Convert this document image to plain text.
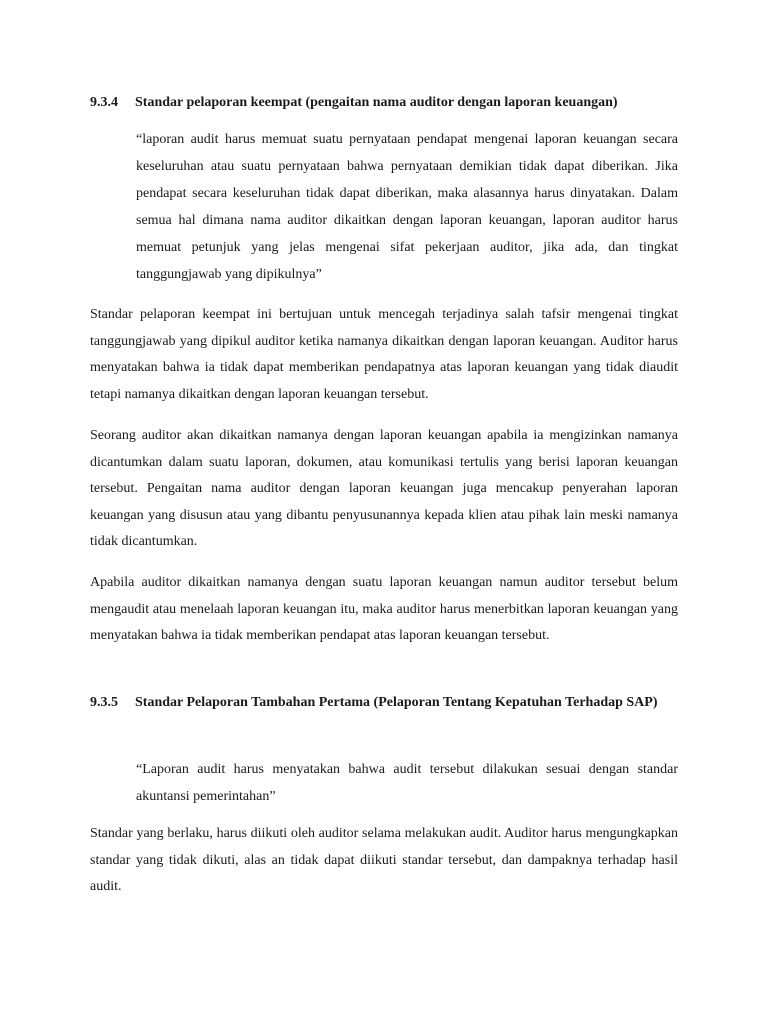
9.3.4	Standar pelaporan keempat (pengaitan nama auditor dengan laporan keuangan)
“laporan audit harus memuat suatu pernyataan pendapat mengenai laporan keuangan secara keseluruhan atau suatu pernyataan bahwa pernyataan demikian tidak dapat diberikan. Jika pendapat secara keseluruhan tidak dapat diberikan, maka alasannya harus dinyatakan. Dalam semua hal dimana nama auditor dikaitkan dengan laporan keuangan, laporan auditor harus memuat petunjuk yang jelas mengenai sifat pekerjaan auditor, jika ada, dan tingkat tanggungjawab yang dipikulnya”
Standar pelaporan keempat ini bertujuan untuk mencegah terjadinya salah tafsir mengenai tingkat tanggungjawab yang dipikul auditor ketika namanya dikaitkan dengan laporan keuangan. Auditor harus menyatakan bahwa ia tidak dapat memberikan pendapatnya atas laporan keuangan yang tidak diaudit tetapi namanya dikaitkan dengan laporan keuangan tersebut.
Seorang auditor akan dikaitkan namanya dengan laporan keuangan apabila ia mengizinkan namanya dicantumkan dalam suatu laporan, dokumen, atau komunikasi tertulis yang berisi laporan keuangan tersebut. Pengaitan nama auditor dengan laporan keuangan juga mencakup penyerahan laporan keuangan yang disusun atau yang dibantu penyusunannya kepada klien atau pihak lain meski namanya tidak dicantumkan.
Apabila auditor dikaitkan namanya dengan suatu laporan keuangan namun auditor tersebut belum mengaudit atau menelaah laporan keuangan itu, maka auditor harus menerbitkan laporan keuangan yang menyatakan bahwa ia tidak memberikan pendapat atas laporan keuangan tersebut.
9.3.5	Standar Pelaporan Tambahan Pertama (Pelaporan Tentang Kepatuhan Terhadap SAP)
“Laporan audit harus menyatakan bahwa audit tersebut dilakukan sesuai dengan standar akuntansi pemerintahan”
Standar yang berlaku, harus diikuti oleh auditor selama melakukan audit. Auditor harus mengungkapkan standar yang tidak dikuti, alas an tidak dapat diikuti standar tersebut, dan dampaknya terhadap hasil audit.
